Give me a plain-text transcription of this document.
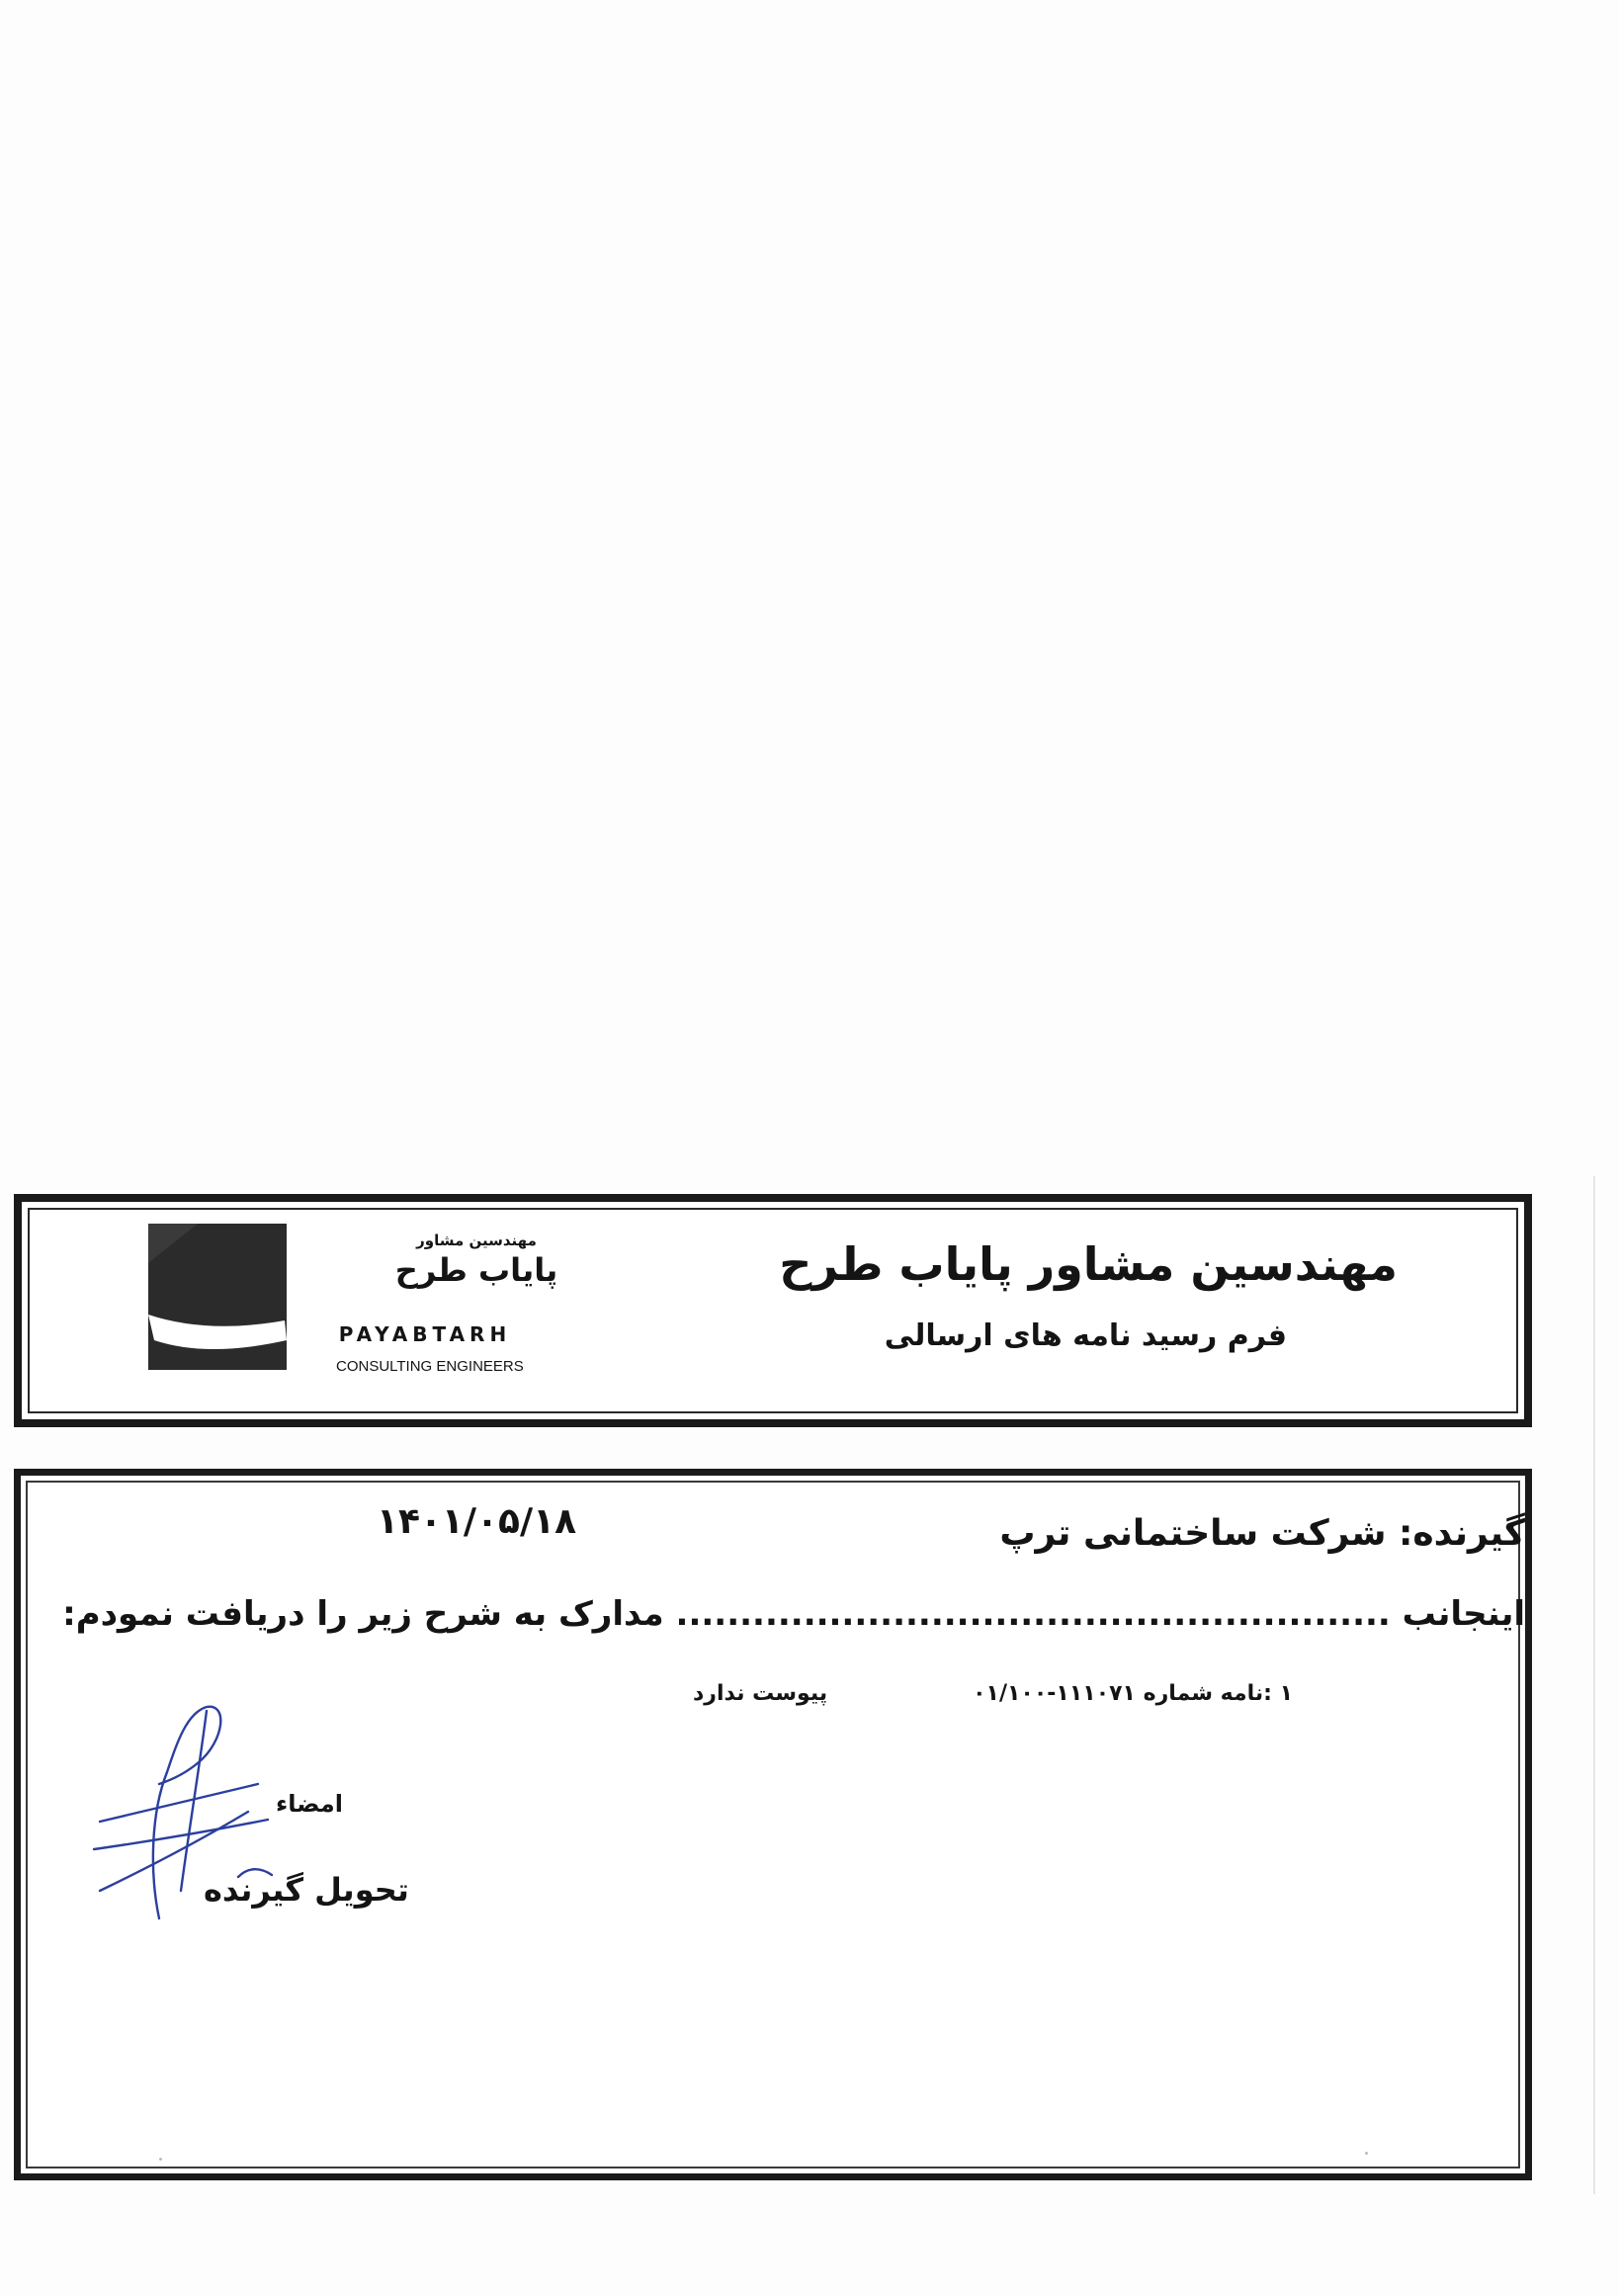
مهندسین مشاور
پایاب طرح
PAYABTARH
CONSULTING ENGINEERS
مهندسین مشاور پایاب طرح
فرم رسید نامه های ارسالی
گیرنده: شرکت ساختمانی ترپ
۱۴۰۱/۰۵/۱۸
اینجانب ........................................................ مدارک به شرح زیر را دریافت نمودم:
۱ :نامه شماره ۱۱۱۰۷۱-۰۱/۱۰۰
پیوست ندارد
امضاء
تحویل گیرنده
